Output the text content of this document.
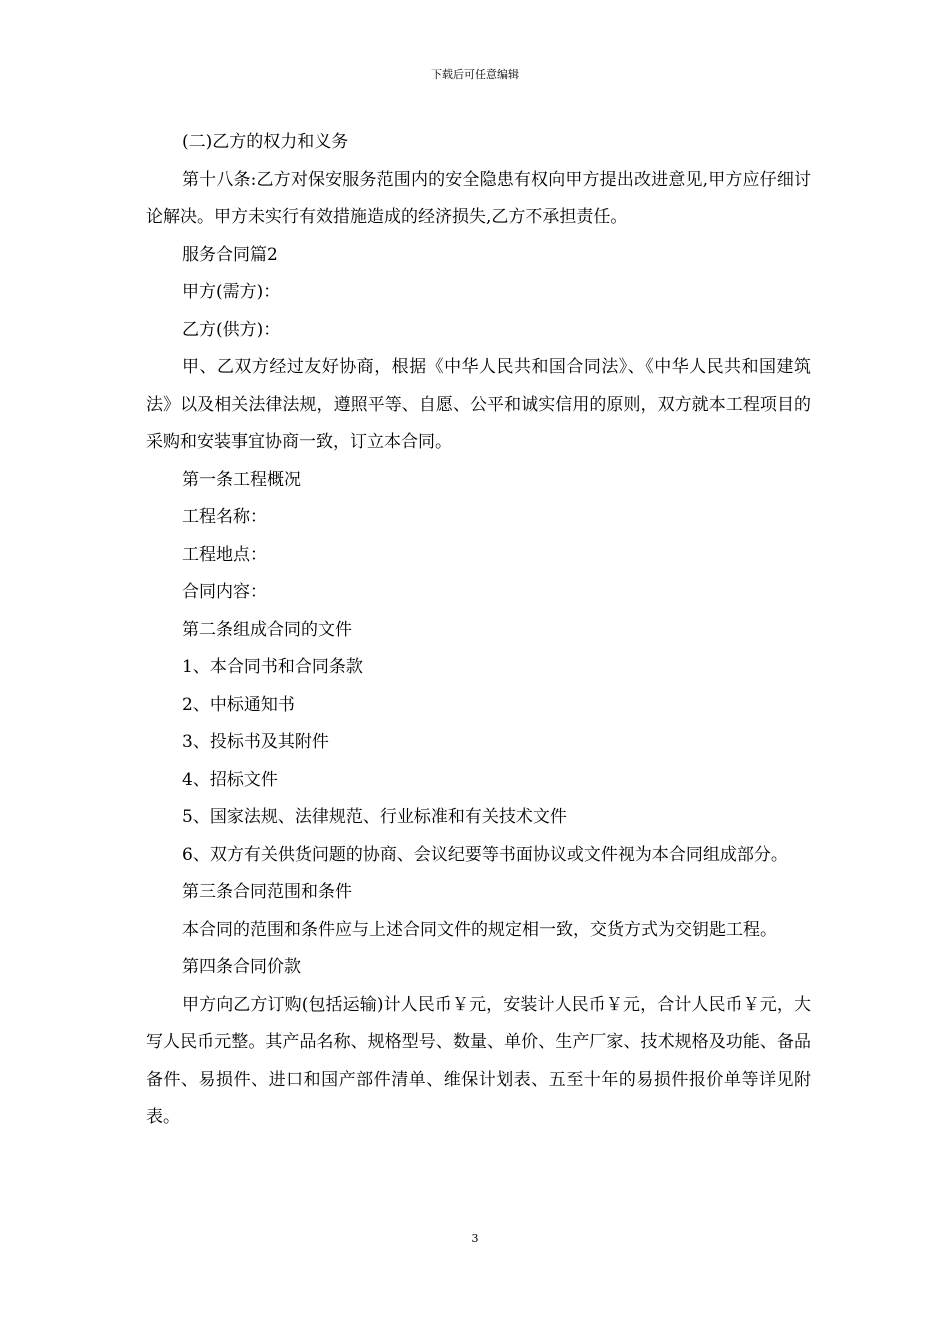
下载后可任意编辑

(二)乙方的权力和义务

第十八条:乙方对保安服务范围内的安全隐患有权向甲方提出改进意见,甲方应仔细讨论解决。甲方未实行有效措施造成的经济损失,乙方不承担责任。

服务合同篇2

甲方(需方)：

乙方(供方)：

甲、乙双方经过友好协商，根据《中华人民共和国合同法》、《中华人民共和国建筑法》以及相关法律法规，遵照平等、自愿、公平和诚实信用的原则，双方就本工程项目的采购和安装事宜协商一致，订立本合同。

第一条工程概况

工程名称：

工程地点：

合同内容：

第二条组成合同的文件

1、本合同书和合同条款

2、中标通知书

3、投标书及其附件

4、招标文件

5、国家法规、法律规范、行业标准和有关技术文件

6、双方有关供货问题的协商、会议纪要等书面协议或文件视为本合同组成部分。

第三条合同范围和条件

本合同的范围和条件应与上述合同文件的规定相一致，交货方式为交钥匙工程。

第四条合同价款

甲方向乙方订购(包括运输)计人民币￥元，安装计人民币￥元，合计人民币￥元，大写人民币元整。其产品名称、规格型号、数量、单价、生产厂家、技术规格及功能、备品备件、易损件、进口和国产部件清单、维保计划表、五至十年的易损件报价单等详见附表。

3
